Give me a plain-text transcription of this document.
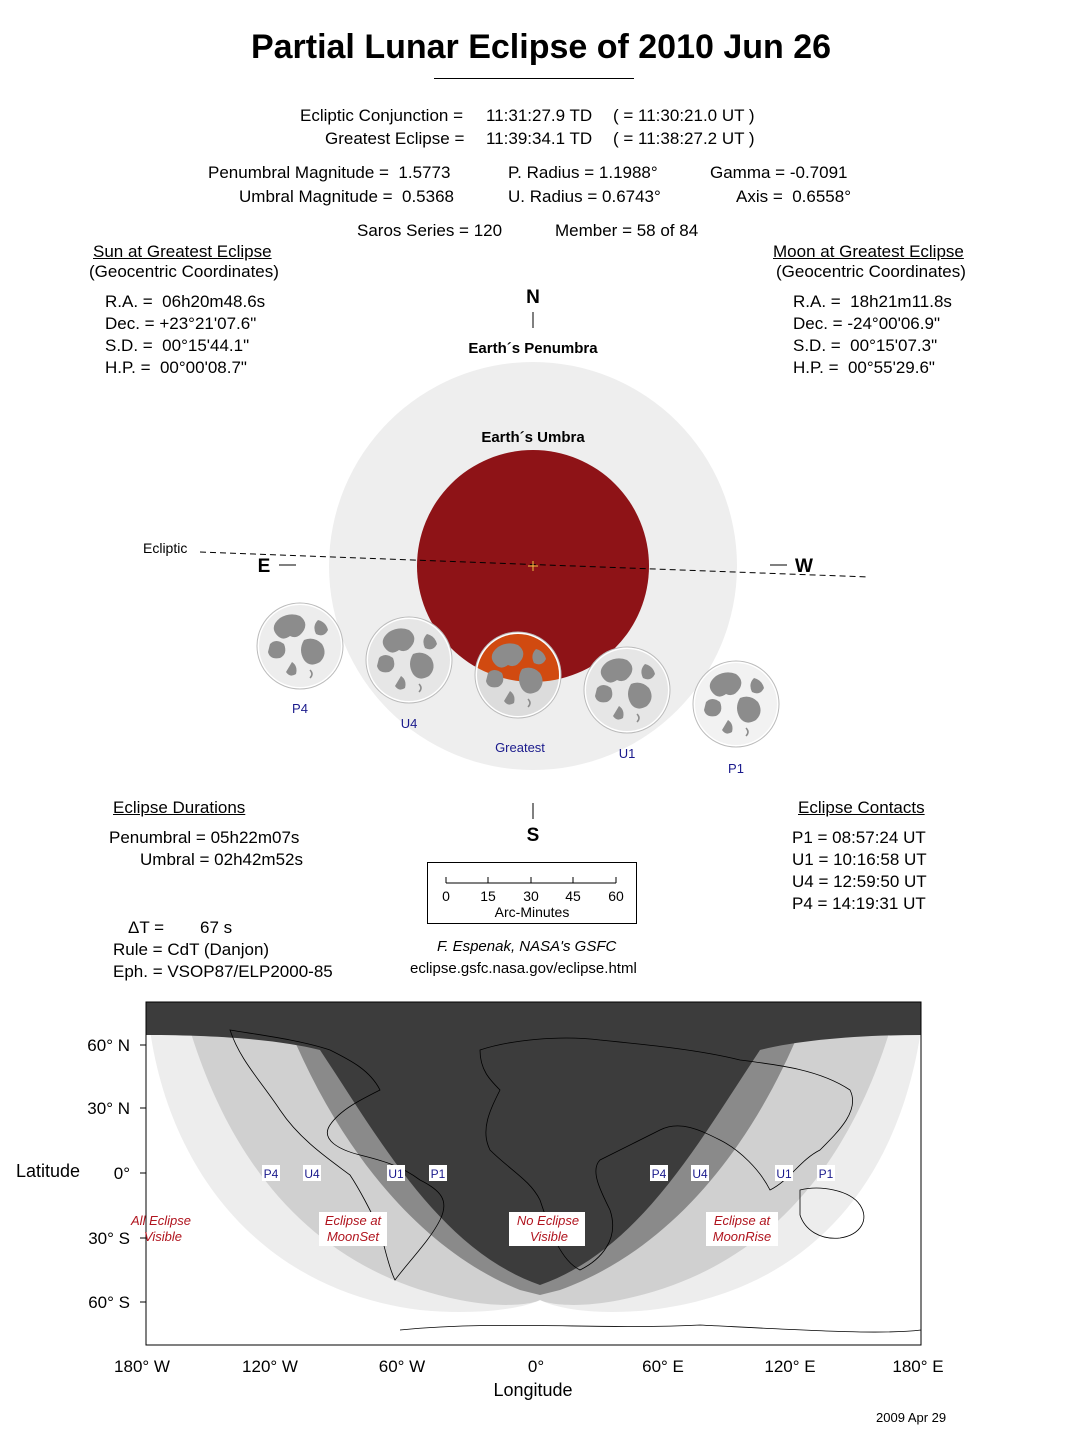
Partial Lunar Eclipse of 2010 Jun 26
Ecliptic Conjunction = 11:31:27.9 TD ( = 11:30:21.0 UT )
Greatest Eclipse = 11:39:34.1 TD ( = 11:38:27.2 UT )
Penumbral Magnitude =  1.5773
Umbral Magnitude =  0.5368
P. Radius = 1.1988°
U. Radius = 0.6743°
Gamma = -0.7091
Axis =  0.6558°
Saros Series = 120	Member = 58 of 84
Sun at Greatest Eclipse
(Geocentric Coordinates)
R.A. =  06h20m48.6s
Dec. = +23°21'07.6"
S.D. =  00°15'44.1"
H.P. =  00°00'08.7"
Moon at Greatest Eclipse
(Geocentric Coordinates)
R.A. =  18h21m11.8s
Dec. = -24°00'06.9"
S.D. =  00°15'07.3"
H.P. =  00°55'29.6"
N
S
E	W
Earth´s Penumbra
Earth´s Umbra
Ecliptic
P4
U4
Greatest	U1
P1
Eclipse Durations
Penumbral = 05h22m07s
Umbral = 02h42m52s
Eclipse Contacts
P1 = 08:57:24 UT
U1 = 10:16:58 UT
U4 = 12:59:50 UT
P4 = 14:19:31 UT

0 15 30 45 60
Arc-Minutes

ΔT = 67 s
Rule = CdT (Danjon)
Eph. = VSOP87/ELP2000-85
F. Espenak, NASA's GSFC
eclipse.gsfc.nasa.gov/eclipse.html
60° N
30° N
0°
30° S
60° S
Latitude
180° W	120° W	60° W	0°	60° E	120° E	180° E
Longitude
P4 U4	U1 P1	P4 U4	U1 P1
All Eclipse
Visible
Eclipse at
MoonSet
No Eclipse
Visible
Eclipse at
MoonRise
2009 Apr 29
